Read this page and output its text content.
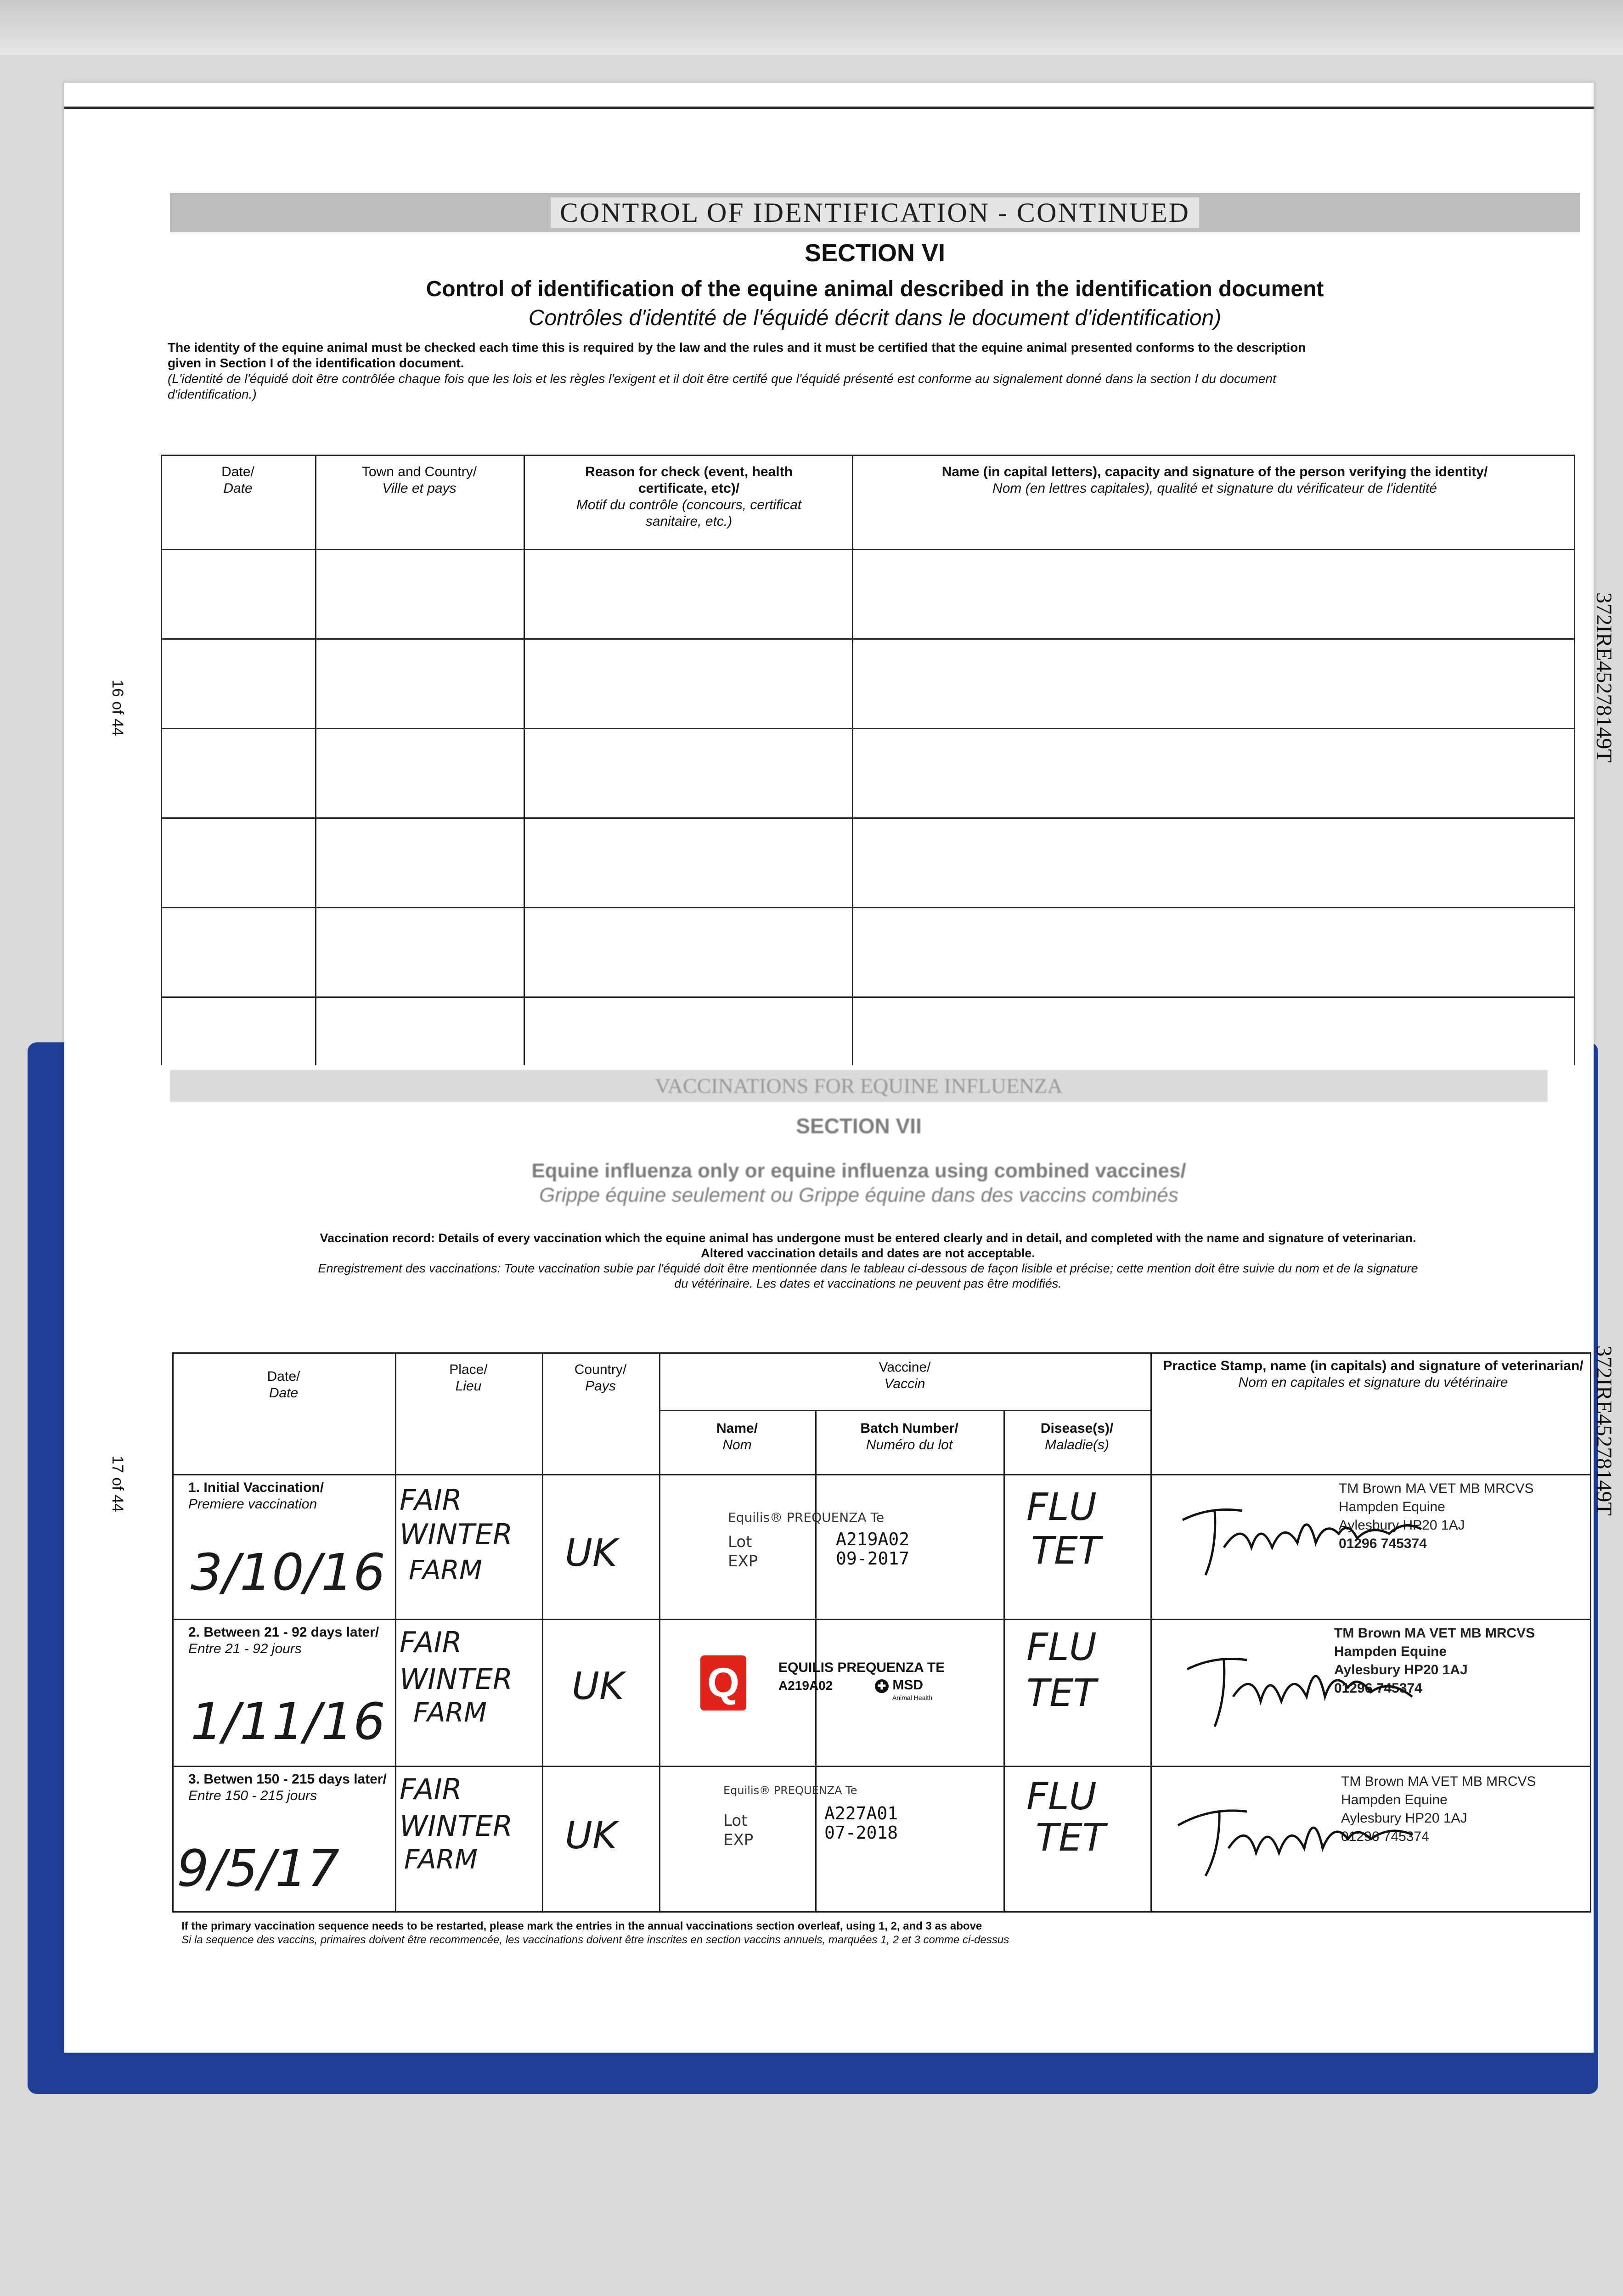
CONTROL OF IDENTIFICATION - CONTINUED
SECTION VI
Control of identification of the equine animal described in the identification document
Contrôles d'identité de l'équidé décrit dans le document d'identification)
The identity of the equine animal must be checked each time this is required by the law and the rules and it must be certified that the equine animal presented conforms to the description
given in Section I of the identification document.
(L'identité de l'équidé doit être contrôlée chaque fois que les lois et les règles l'exigent et il doit être certifé que l'équidé présenté est conforme au signalement donné dans la section I du document
d'identification.)
Date/
Date
Town and Country/
Ville et pays
Reason for check (event, health certificate, etc)/
Motif du contrôle (concours, certificat sanitaire, etc.)
Name (in capital letters), capacity and signature of the person verifying the identity/
Nom (en lettres capitales), qualité et signature du vérificateur de l'identité
16 of 44
17 of 44
372IRE45278149T
372IRE45278149T
VACCINATIONS FOR EQUINE INFLUENZA
SECTION VII
Equine influenza only or equine influenza using combined vaccines/
Grippe équine seulement ou Grippe équine dans des vaccins combinés
Vaccination record: Details of every vaccination which the equine animal has undergone must be entered clearly and in detail, and completed with the name and signature of veterinarian.
Altered vaccination details and dates are not acceptable.
Enregistrement des vaccinations: Toute vaccination subie par l'équidé doit être mentionnée dans le tableau ci-dessous de façon lisible et précise; cette mention doit être suivie du nom et de la signature
du vétérinaire. Les dates et vaccinations ne peuvent pas être modifiés.
Date/
Date
Place/
Lieu
Country/
Pays
Vaccine/
Vaccin
Name/
Nom
Batch Number/
Numéro du lot
Disease(s)/
Maladie(s)
Practice Stamp, name (in capitals) and signature of veterinarian/
Nom en capitales et signature du vétérinaire
1. Initial Vaccination/
Premiere vaccination
3/10/16
FAIR
WINTER
FARM UK
Equilis® PREQUENZA Te
Lot
EXP
A219A02
09-2017
FLU
TET
TM Brown MA VET MB MRCVS
Hampden Equine
Aylesbury HP20 1AJ
01296 745374
2. Between 21 - 92 days later/
Entre 21 - 92 jours
1/11/16
FAIR
WINTER
FARM
UK Q	EQUILIS PREQUENZA TE
A219A02	✚ MSD
Animal Health
FLU
TET
TM Brown MA VET MB MRCVS
Hampden Equine
Aylesbury HP20 1AJ
01296 745374
3. Betwen 150 - 215 days later/
Entre 150 - 215 jours
9/5/17
FAIR
WINTER
FARM
UK
Equilis® PREQUENZA Te
Lot
EXP
A227A01
07-2018
FLU
TET
TM Brown MA VET MB MRCVS
Hampden Equine
Aylesbury HP20 1AJ
01296 745374
If the primary vaccination sequence needs to be restarted, please mark the entries in the annual vaccinations section overleaf, using 1, 2, and 3 as above
Si la sequence des vaccins, primaires doivent être recommencée, les vaccinations doivent être inscrites en section vaccins annuels, marquées 1, 2 et 3 comme ci-dessus
